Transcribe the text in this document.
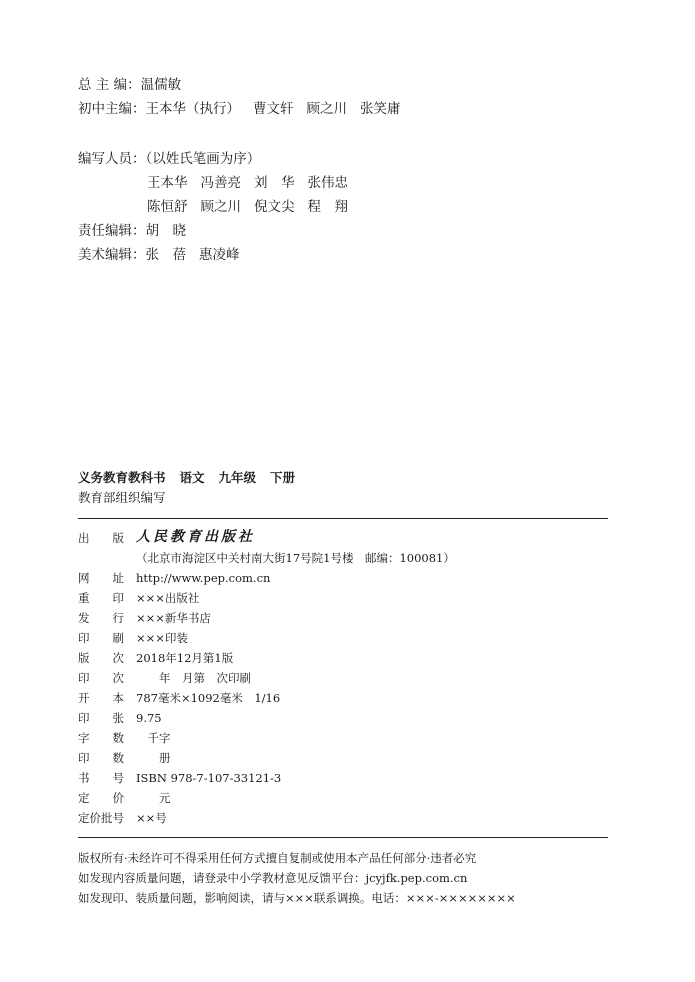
总 主 编：温儒敏
初中主编：王本华（执行） 曹文轩 顾之川 张笑庸
编写人员：（以姓氏笔画为序）
王本华 冯善亮 刘　华 张伟忠
陈恒舒 顾之川 倪文尖 程　翔
责任编辑：胡　晓
美术编辑：张　蓓 惠凌峰
义务教育教科书 语文 九年级 下册
教育部组织编写
出　　版 人民教育出版社
（北京市海淀区中关村南大街17号院1号楼　邮编：100081）
网　　址	http://www.pep.com.cn
重　　印	×××出版社
发　　行	×××新华书店
印　　刷	×××印装
版　　次	2018年12月第1版
印　　次	　　年　月第　次印刷
开　　本	787毫米×1092毫米　1/16
印　　张	9.75
字　　数	　千字
印　　数	　　册
书　　号	ISBN 978-7-107-33121-3
定　　价	　　元
定价批号	××号
版权所有·未经许可不得采用任何方式擅自复制或使用本产品任何部分·违者必究
如发现内容质量问题，请登录中小学教材意见反馈平台：jcyjfk.pep.com.cn
如发现印、装质量问题，影响阅读，请与×××联系调换。电话：×××-××××××××
